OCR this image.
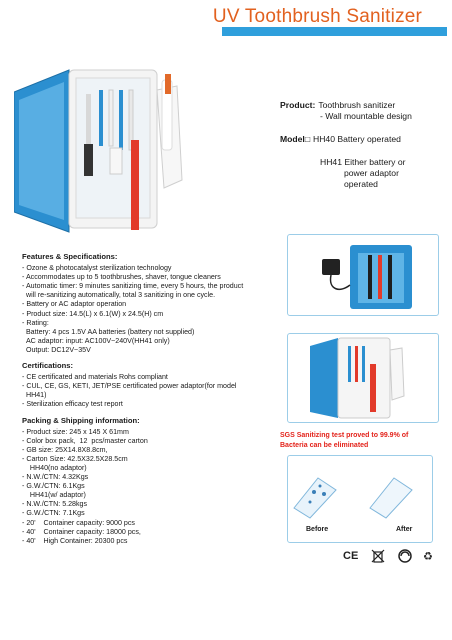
UV Toothbrush Sanitizer
Product: Toothbrush sanitizer
- Wall mountable design
Model□ HH40 Battery operated
HH41 Either battery or
power adaptor
operated
Features & Specifications:

- Ozone & photocatalyst sterilization technology

- Accommodates up to 5 toothbrushes, shaver, tongue cleaners

- Automatic timer: 9 minutes sanitizing time, every 5 hours, the product
will re-sanitizing automatically, total 3 sanitizing in one cycle.

- Battery or AC adaptor operation

- Product size: 14.5(L) x 6.1(W) x 24.5(H) cm

- Rating:

Battery: 4 pcs 1.5V AA batteries (battery not supplied)

AC adaptor: input: AC100V~240V(HH41 only)

Output: DC12V~35V

Certifications:

- CE certificated and materials Rohs compliant

- CUL, CE, GS, KETI, JET/PSE certificated power adaptor(for model
HH41)

- Sterilization efficacy test report

Packing & Shipping information:

- Product size: 245 x 145 X 61mm

- Color box pack,  12  pcs/master carton

- GB size: 25X14.8X8.8cm,

- Carton Size: 42.5X32.5X28.5cm

HH40(no adaptor)

- N.W./CTN: 4.32Kgs

- G.W./CTN: 6.1Kgs

HH41(w/ adaptor)

- N.W./CTN: 5.28kgs

- G.W./CTN: 7.1Kgs

- 20'    Container capacity: 9000 pcs

- 40'    Container capacity: 18000 pcs,

- 40'    High Container: 20300 pcs

SGS Sanitizing test proved to 99.9% of
Bacteria can be eliminated
Before	After
CE	♻
